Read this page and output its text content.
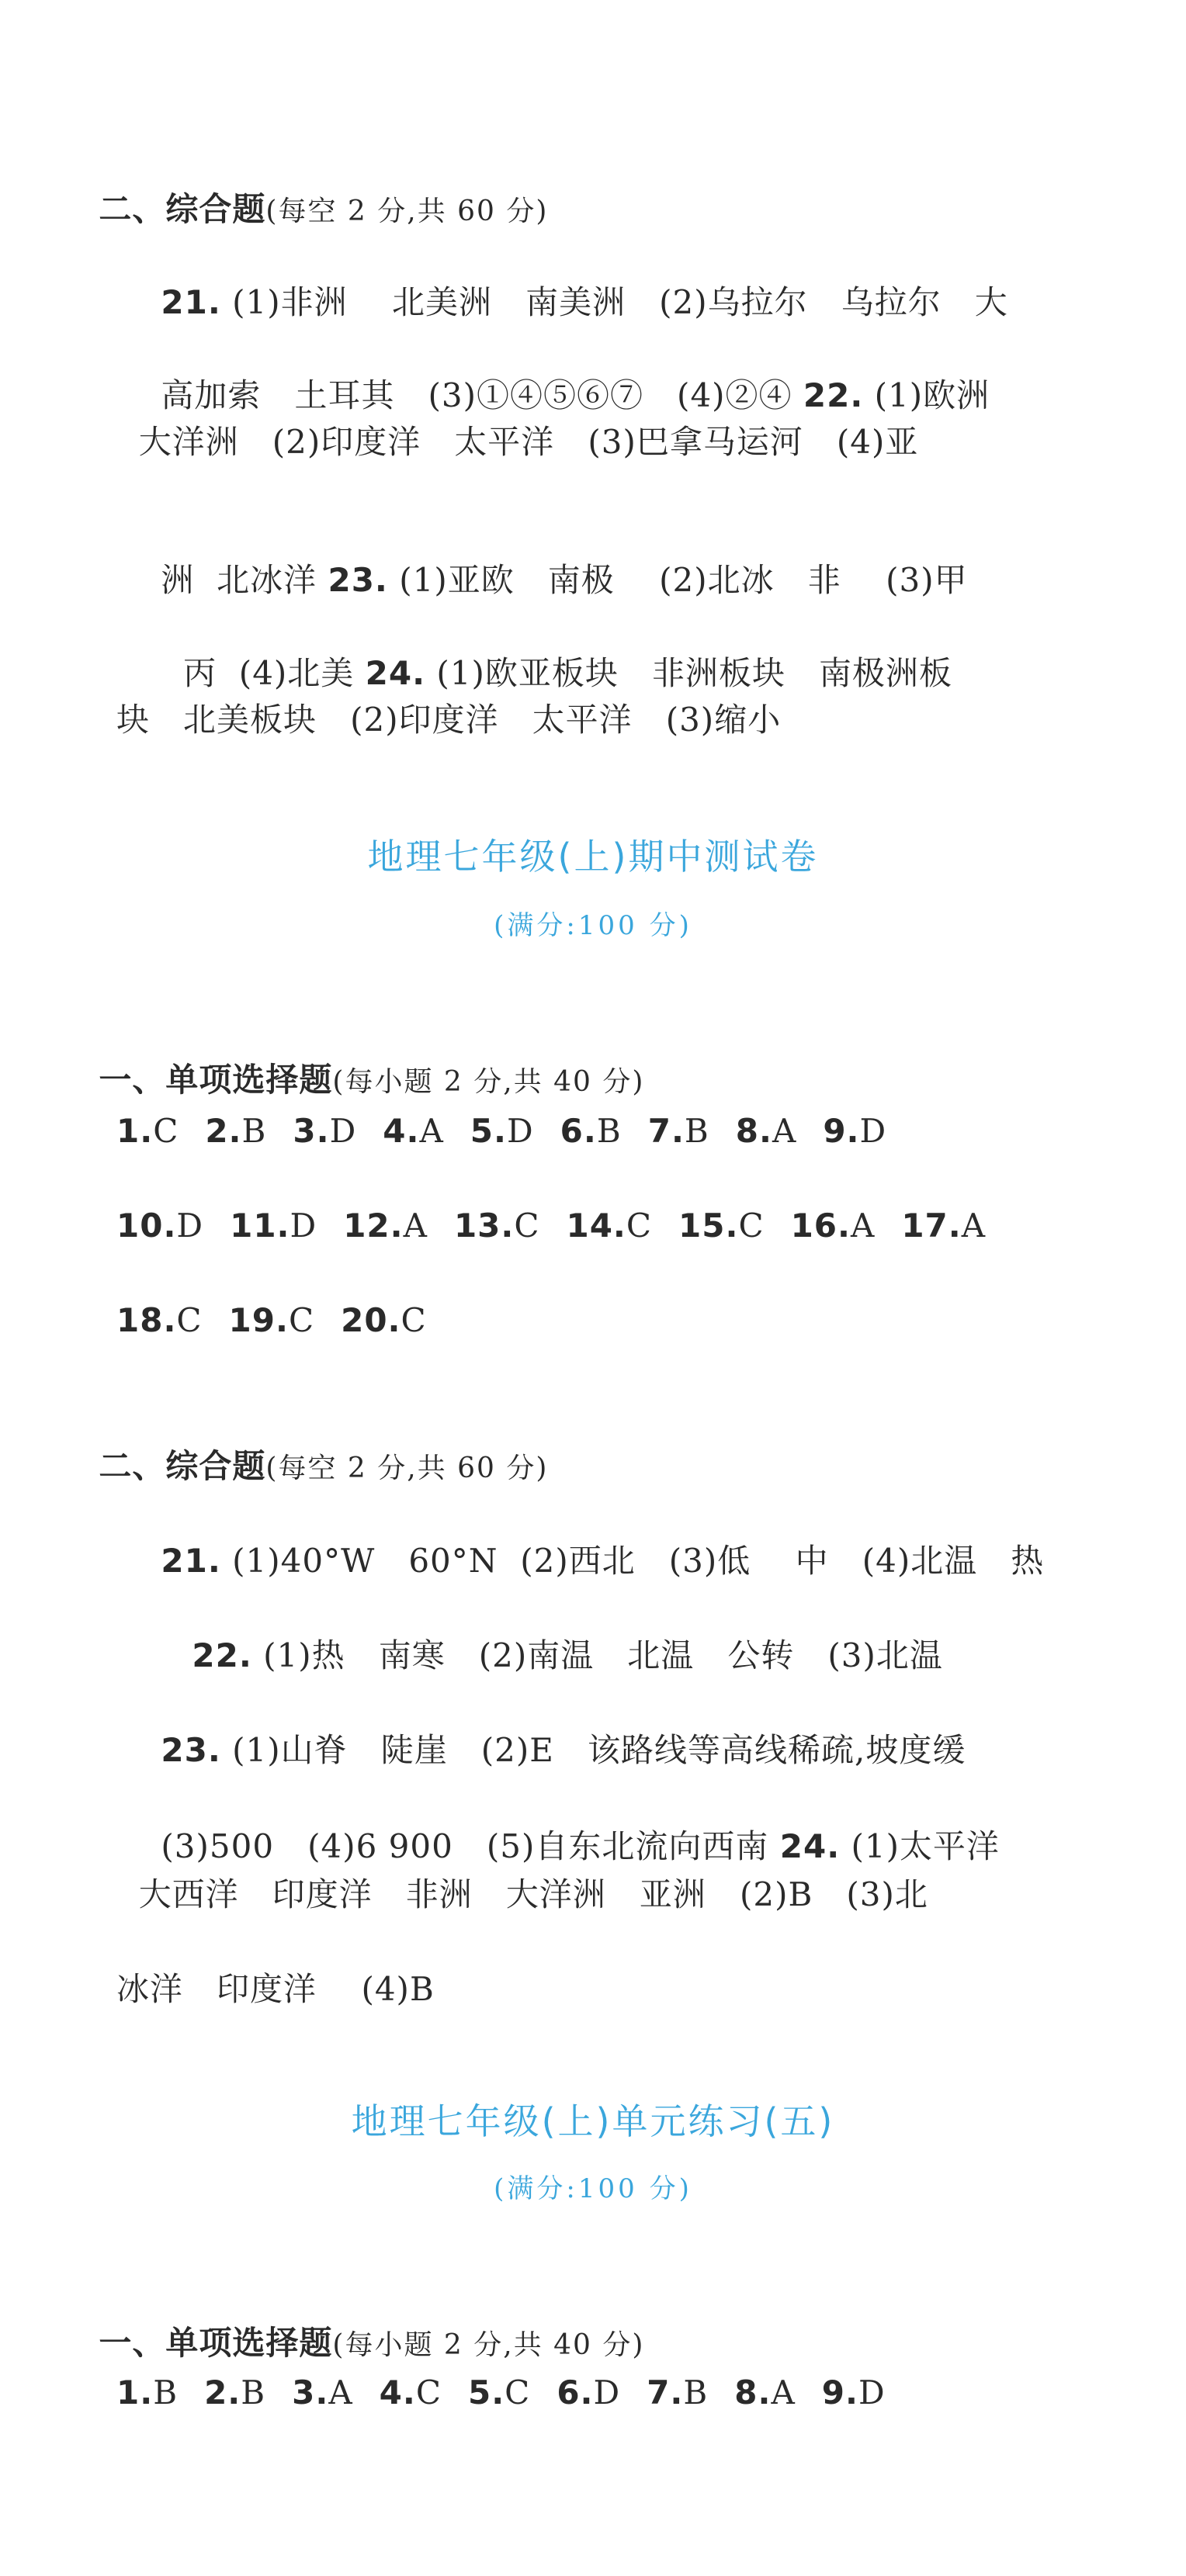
二、综合题(每空 2 分,共 60 分)

21. (1)非洲    北美洲   南美洲   (2)乌拉尔   乌拉尔   大

高加索   土耳其   (3)①④⑤⑥⑦   (4)②④ 22. (1)欧洲

大洋洲   (2)印度洋   太平洋   (3)巴拿马运河   (4)亚

洲  北冰洋 23. (1)亚欧   南极    (2)北冰   非    (3)甲

丙  (4)北美 24. (1)欧亚板块   非洲板块   南极洲板

块   北美板块   (2)印度洋   太平洋   (3)缩小
地理七年级(上)期中测试卷
(满分:100 分)

一、单项选择题(每小题 2 分,共 40 分)

1.C 2.B 3.D 4.A 5.D 6.B 7.B 8.A 9.D
10.D 11.D 12.A 13.C 14.C 15.C 16.A 17.A
18.C 19.C 20.C

二、综合题(每空 2 分,共 60 分)

21. (1)40°W   60°N  (2)西北   (3)低    中   (4)北温   热

22. (1)热   南寒   (2)南温   北温   公转   (3)北温

23. (1)山脊   陡崖   (2)E   该路线等高线稀疏,坡度缓

(3)500   (4)6 900   (5)自东北流向西南 24. (1)太平洋

大西洋   印度洋   非洲   大洋洲   亚洲   (2)B   (3)北
冰洋   印度洋    (4)B
地理七年级(上)单元练习(五)
(满分:100 分)

一、单项选择题(每小题 2 分,共 40 分)

1.B 2.B 3.A 4.C 5.C 6.D 7.B 8.A 9.D
